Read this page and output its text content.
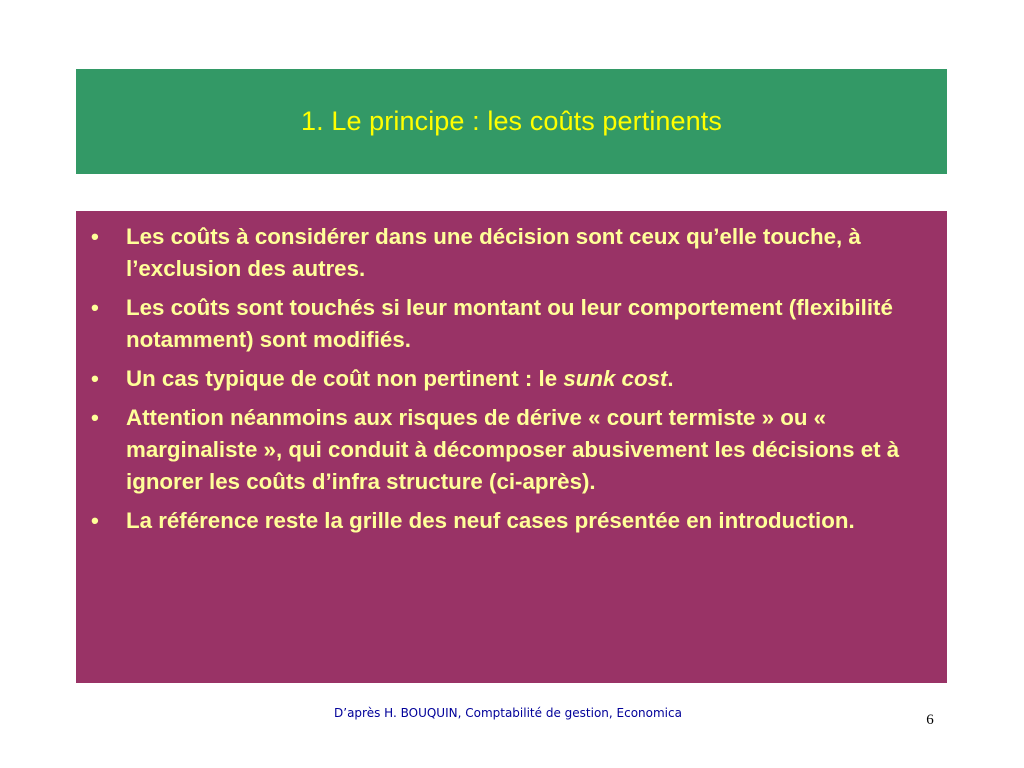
1. Le principe : les coûts pertinents
• Les coûts à considérer dans une décision sont ceux qu’elle touche, à l’exclusion des autres.
• Les coûts sont touchés si leur montant ou leur comportement (flexibilité notamment) sont modifiés.
• Un cas typique de coût non pertinent : le sunk cost.
• Attention néanmoins aux risques de dérive « court termiste » ou « marginaliste », qui conduit à décomposer abusivement les décisions et à ignorer les coûts d’infra structure (ci-après).
• La référence reste la grille des neuf cases présentée en introduction.
D’après H. BOUQUIN, Comptabilité de gestion, Economica	6
